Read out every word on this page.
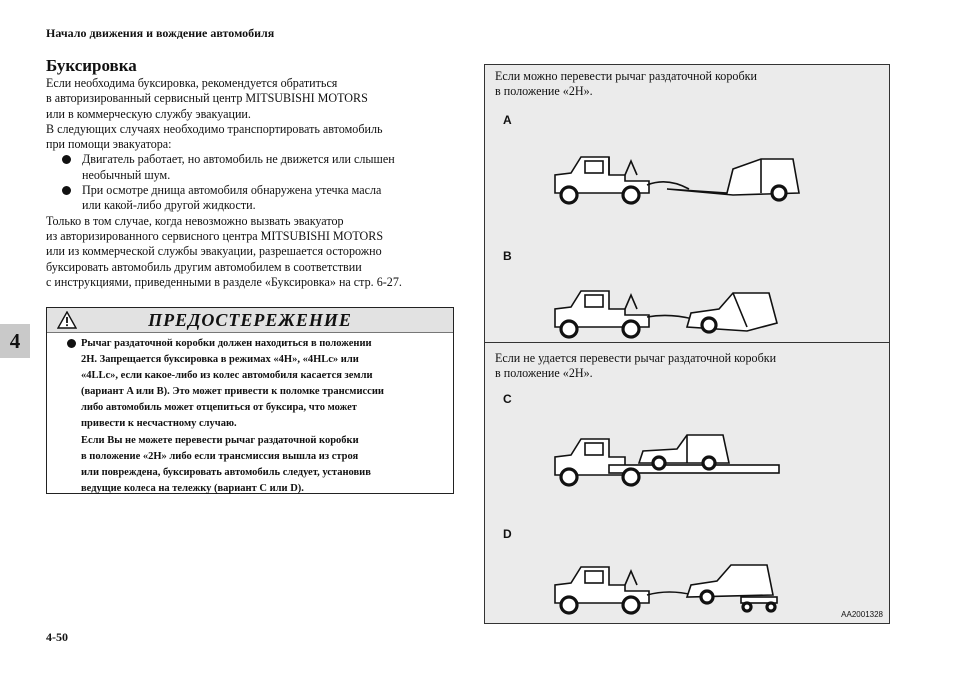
Начало движения и вождение автомобиля
4
Буксировка

Если необходима буксировка, рекомендуется обратиться

в авторизированный сервисный центр MITSUBISHI MOTORS

или в коммерческую службу эвакуации.

В следующих случаях необходимо транспортировать автомобиль

при помощи эвакуатора:

Двигатель работает, но автомобиль не движется или слышен

необычный шум.

При осмотре днища автомобиля обнаружена утечка масла

или какой-либо другой жидкости.

Только в том случае, когда невозможно вызвать эвакуатор

из авторизированного сервисного центра MITSUBISHI MOTORS

или из коммерческой службы эвакуации, разрешается осторожно

буксировать автомобиль другим автомобилем в соответствии

с инструкциями, приведенными в разделе «Буксировка» на стр. 6-27.

ПРЕДОСТЕРЕЖЕНИЕ
Рычаг раздаточной коробки должен находиться в положении
2H. Запрещается буксировка в режимах «4H», «4HLc» или
«4LLc», если какое-либо из колес автомобиля касается земли
(вариант A или B). Это может привести к поломке трансмиссии
либо автомобиль может отцепиться от буксира, что может
привести к несчастному случаю.
Если Вы не можете перевести рычаг раздаточной коробки
в положение «2H» либо если трансмиссия вышла из строя
или повреждена, буксировать автомобиль следует, установив
ведущие колеса на тележку (вариант C или D).
Если можно перевести рычаг раздаточной коробки
в положение «2H».
A
B
Если не удается перевести рычаг раздаточной коробки
в положение «2H».
C
D
AA2001328
4-50
